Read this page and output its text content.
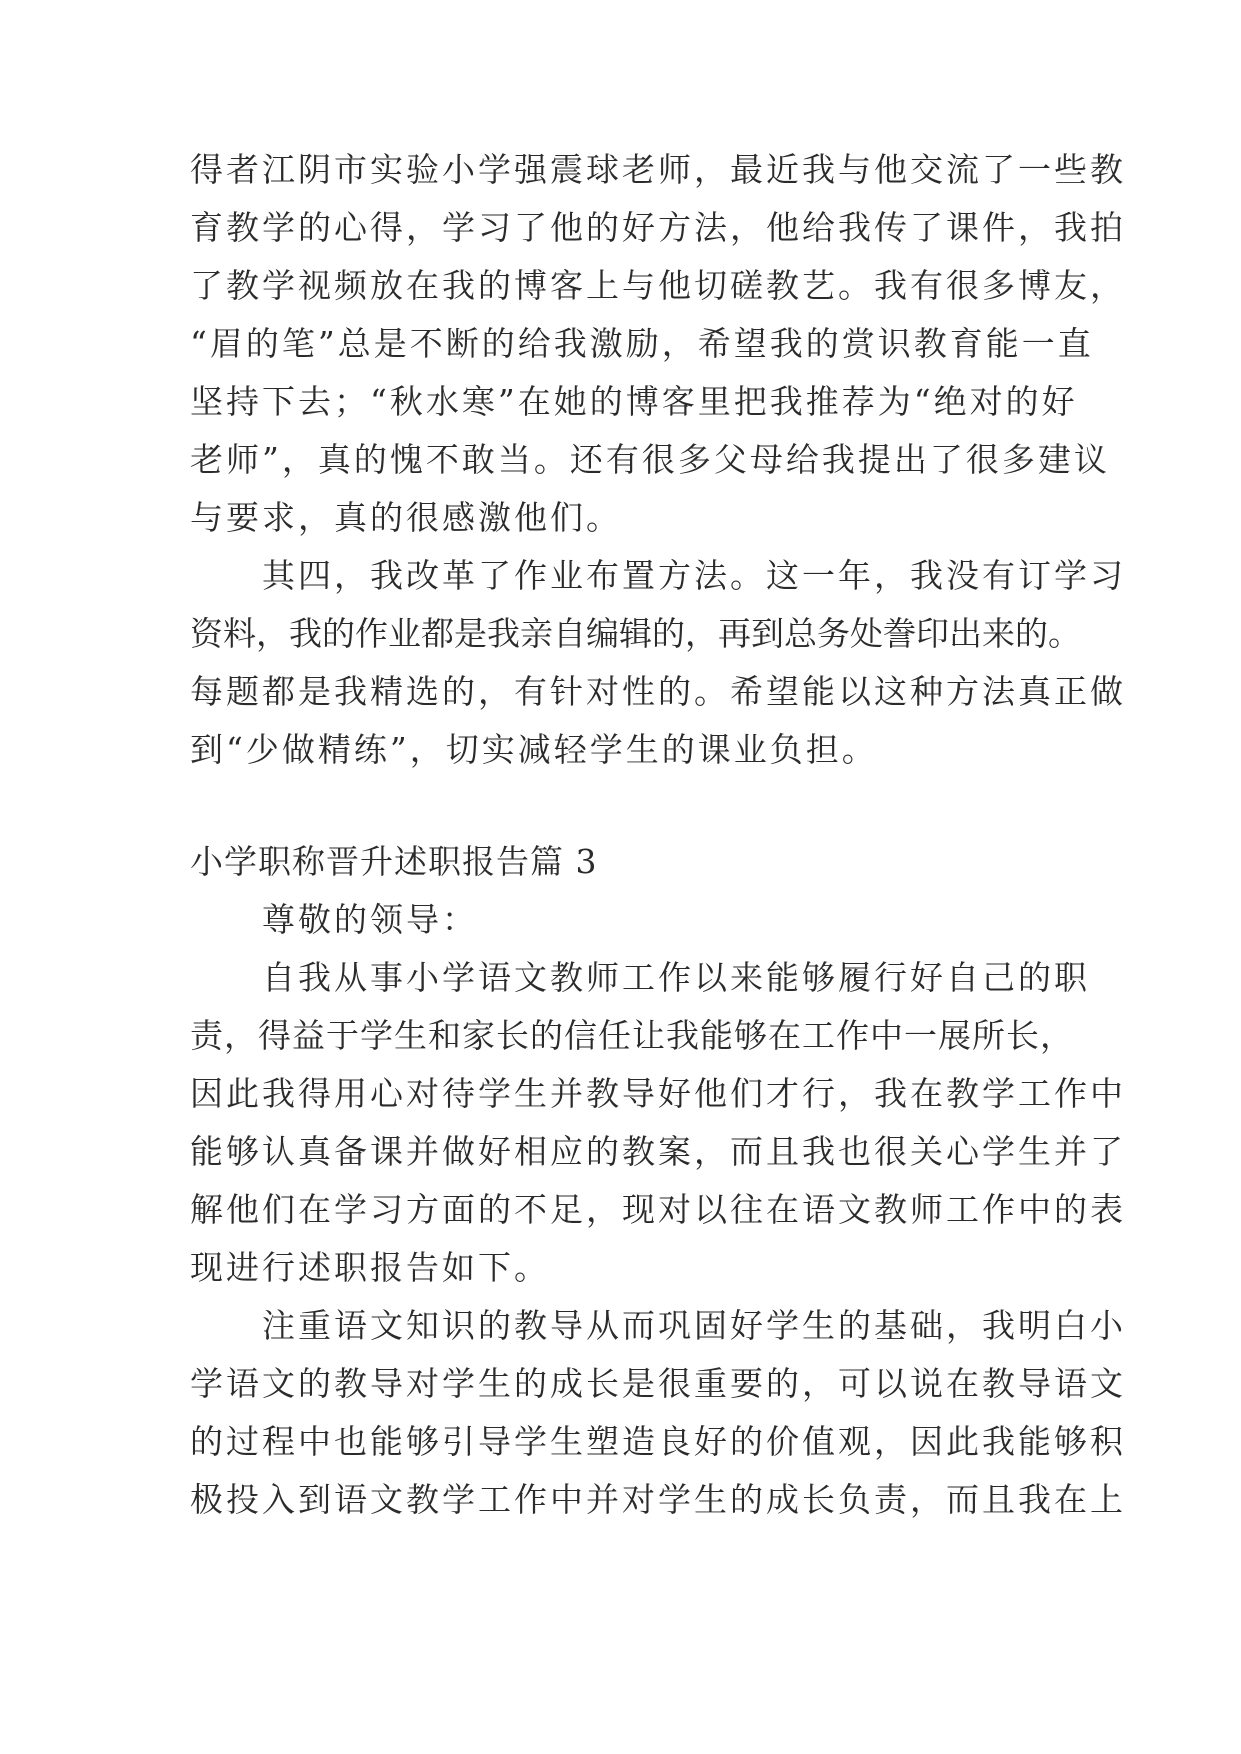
得者江阴市实验小学强震球老师，最近我与他交流了一些教
育教学的心得，学习了他的好方法，他给我传了课件，我拍
了教学视频放在我的博客上与他切磋教艺。我有很多博友，
“眉的笔”总是不断的给我激励，希望我的赏识教育能一直
坚持下去；“秋水寒”在她的博客里把我推荐为“绝对的好
老师”，真的愧不敢当。还有很多父母给我提出了很多建议
与要求，真的很感激他们。
　　其四，我改革了作业布置方法。这一年，我没有订学习
资料，我的作业都是我亲自编辑的，再到总务处誊印出来的。
每题都是我精选的，有针对性的。希望能以这种方法真正做
到“少做精练”，切实减轻学生的课业负担。
小学职称晋升述职报告篇 3
　　尊敬的领导：
　　自我从事小学语文教师工作以来能够履行好自己的职
责，得益于学生和家长的信任让我能够在工作中一展所长，
因此我得用心对待学生并教导好他们才行，我在教学工作中
能够认真备课并做好相应的教案，而且我也很关心学生并了
解他们在学习方面的不足，现对以往在语文教师工作中的表
现进行述职报告如下。
　　注重语文知识的教导从而巩固好学生的基础，我明白小
学语文的教导对学生的成长是很重要的，可以说在教导语文
的过程中也能够引导学生塑造良好的价值观，因此我能够积
极投入到语文教学工作中并对学生的成长负责，而且我在上
